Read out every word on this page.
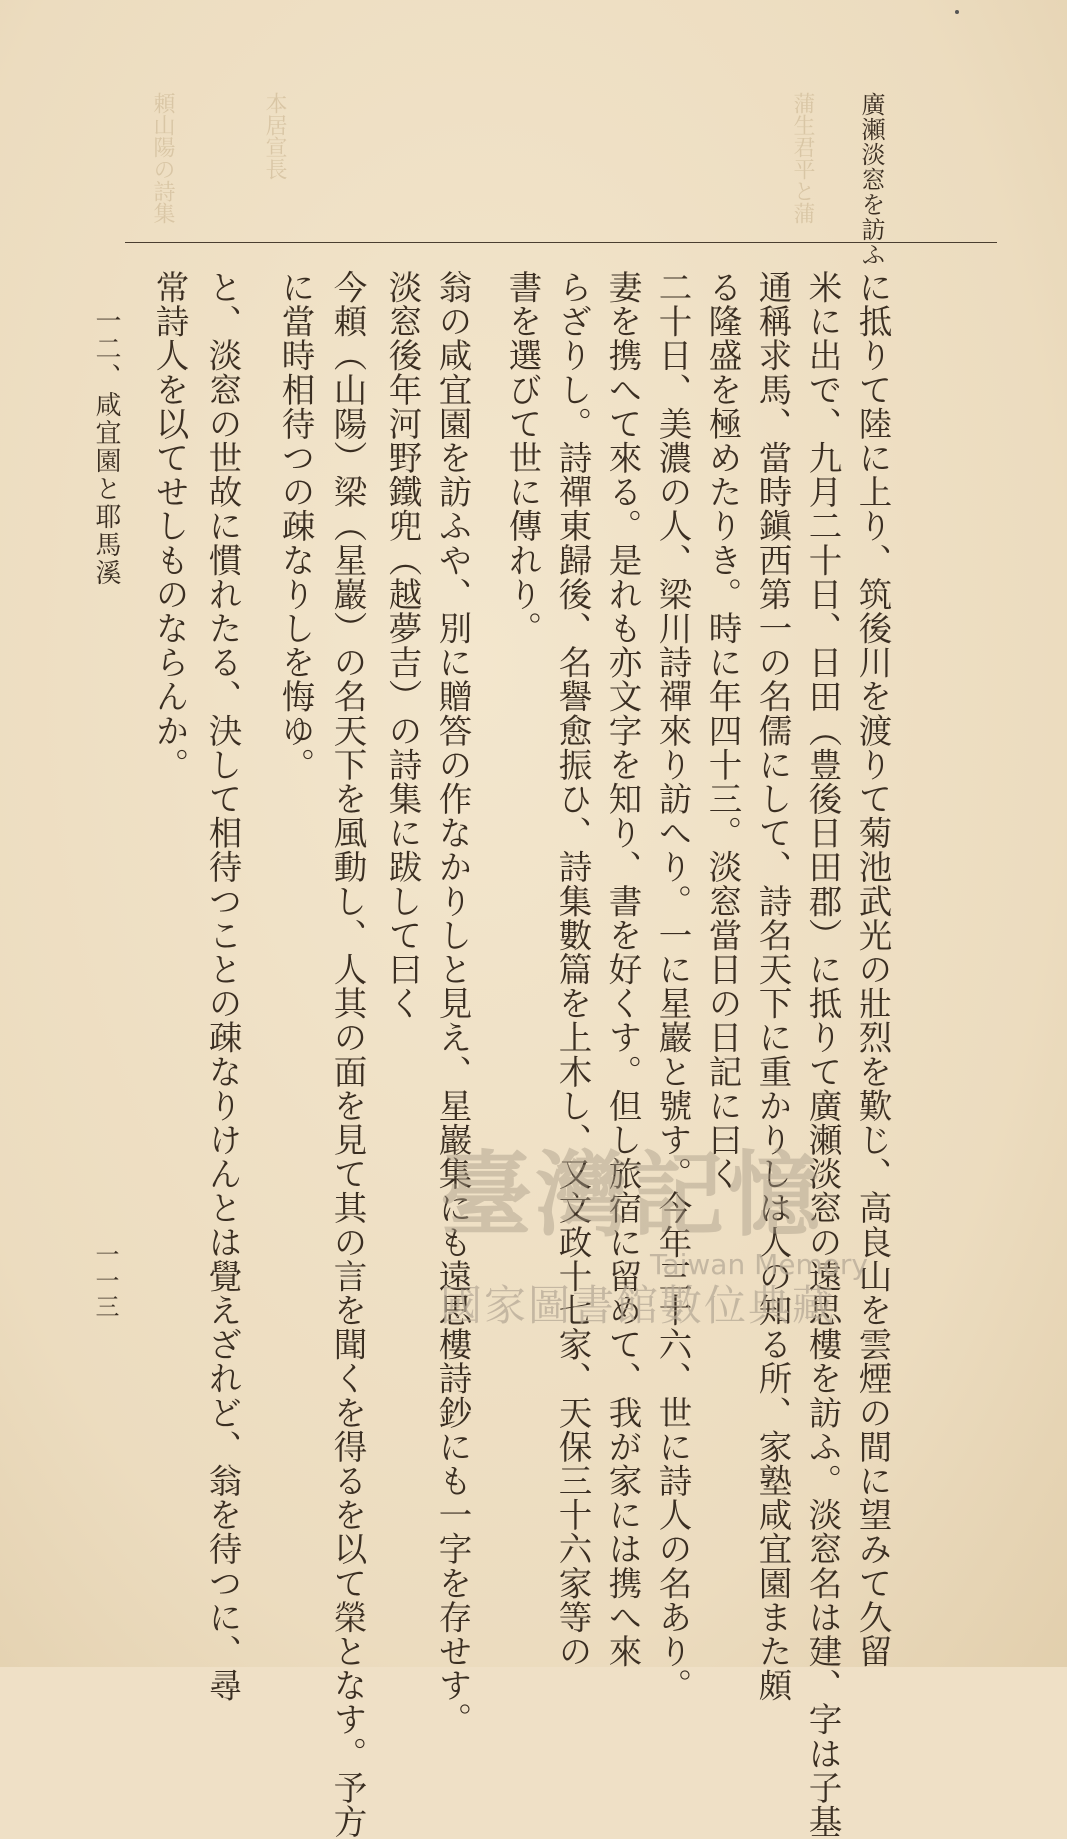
廣瀬淡窓を訪ふ
蒲生君平と蒲
本居宣長
頼山陽の詩集
に抵りて陸に上り、筑後川を渡りて菊池武光の壯烈を歎じ、高良山を雲煙の間に望みて久留
米に出で、九月二十日、日田（豊後日田郡）に抵りて廣瀬淡窓の遠思樓を訪ふ。淡窓名は建、字は子基
通稱求馬、當時鎭西第一の名儒にして、詩名天下に重かりしは人の知る所、家塾咸宜園また頗
る隆盛を極めたりき。時に年四十三。淡窓當日の日記に曰く
二十日、美濃の人、梁川詩禪來り訪へり。一に星巖と號す。今年三十六、世に詩人の名あり。
妻を携へて來る。是れも亦文字を知り、書を好くす。但し旅宿に留めて、我が家には携へ來
らざりし。詩禪東歸後、名譽愈振ひ、詩集數篇を上木し、又文政十七家、天保三十六家等の
書を選びて世に傳れり。
翁の咸宜園を訪ふや、別に贈答の作なかりしと見え、星巖集にも遠思樓詩鈔にも一字を存せす。
淡窓後年河野鐵兜（越夢吉）の詩集に跋して曰く
今頼（山陽）梁（星巖）の名天下を風動し、人其の面を見て其の言を聞くを得るを以て榮となす。予方
に當時相待つの疎なりしを悔ゆ。
と、淡窓の世故に慣れたる、決して相待つことの疎なりけんとは覺えざれど、翁を待つに、尋
常詩人を以てせしものならんか。
一二、咸宜園と耶馬溪
一一三
臺灣記憶
Taiwan Memory
國家圖書館數位典藏
